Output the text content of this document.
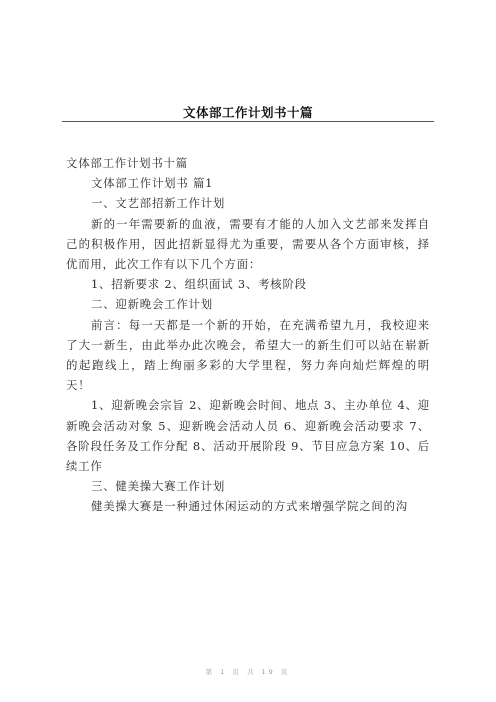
文体部工作计划书十篇

文体部工作计划书十篇

文体部工作计划书 篇1

一、文艺部招新工作计划

新的一年需要新的血液，需要有才能的人加入文艺部来发挥自己的积极作用，因此招新显得尤为重要，需要从各个方面审核，择优而用，此次工作有以下几个方面：

1、招新要求 2、组织面试 3、考核阶段

二、迎新晚会工作计划

前言：每一天都是一个新的开始，在充满希望九月，我校迎来了大一新生，由此举办此次晚会，希望大一的新生们可以站在崭新的起跑线上，踏上绚丽多彩的大学里程，努力奔向灿烂辉煌的明天！

1、迎新晚会宗旨 2、迎新晚会时间、地点 3、主办单位 4、迎新晚会活动对象 5、迎新晚会活动人员 6、迎新晚会活动要求 7、各阶段任务及工作分配 8、活动开展阶段 9、节目应急方案 10、后续工作

三、健美操大赛工作计划

健美操大赛是一种通过休闲运动的方式来增强学院之间的沟

第 1 页 共 19 页
